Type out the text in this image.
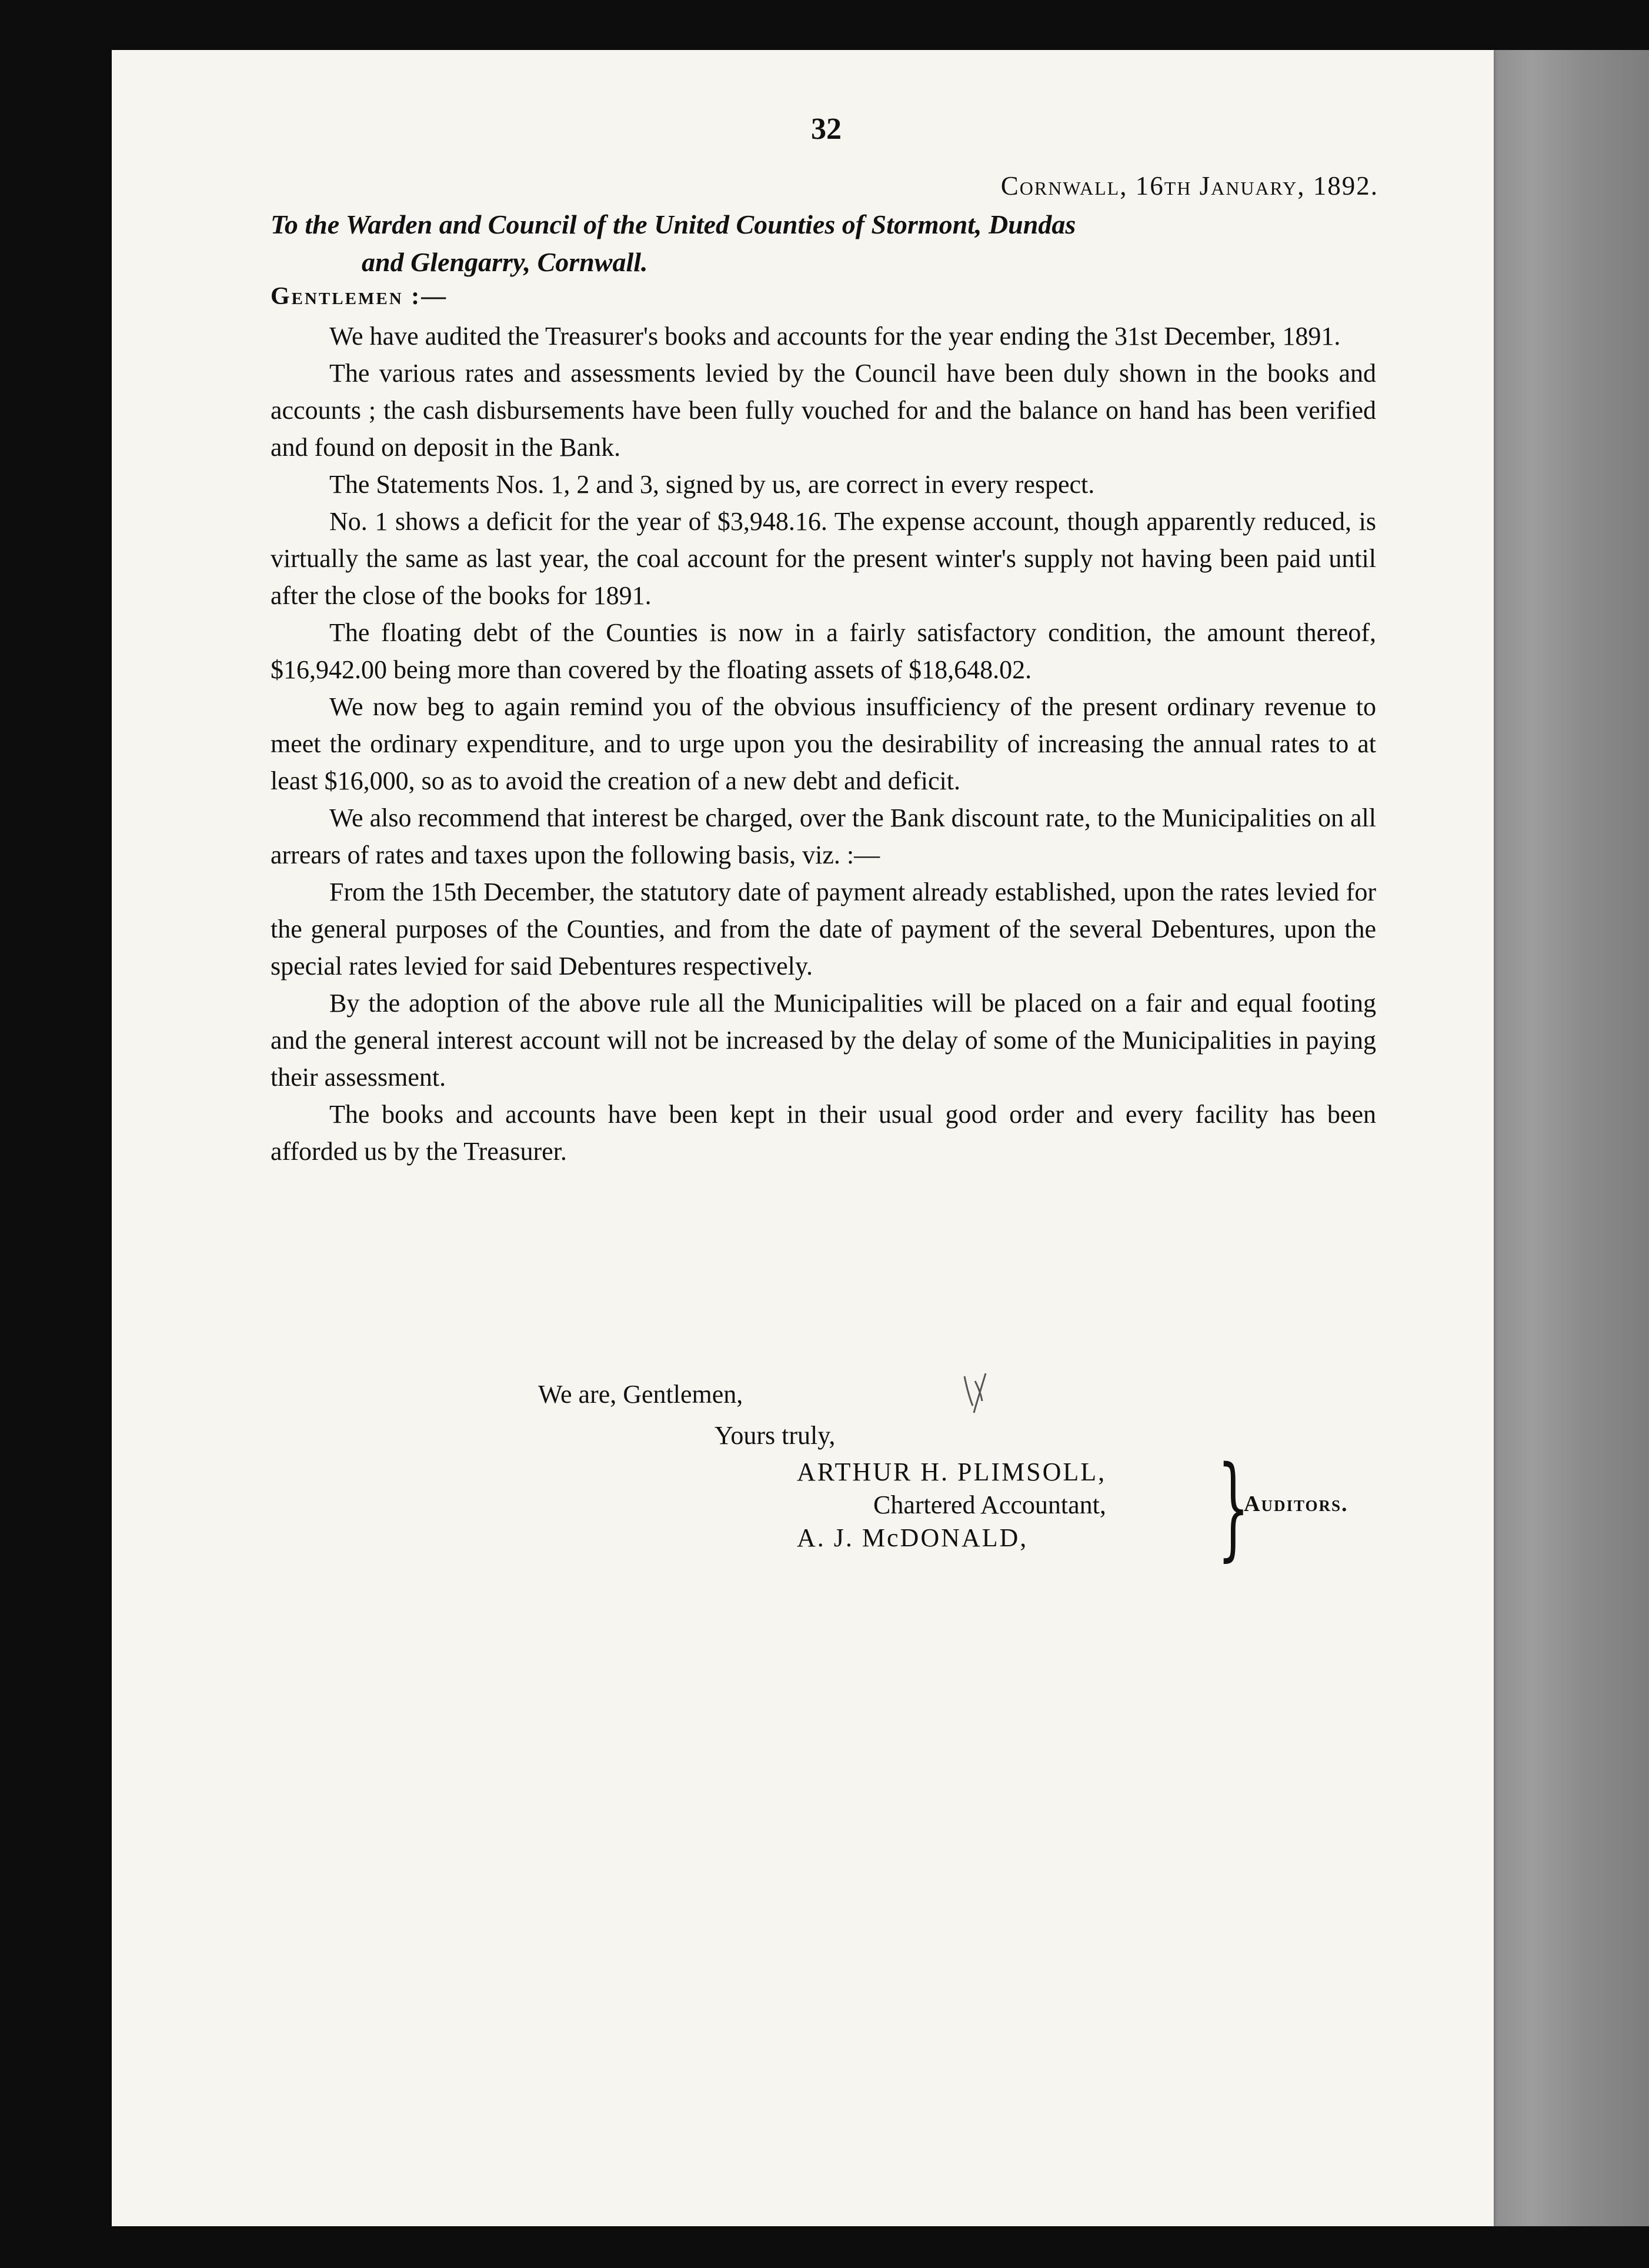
32
Cornwall, 16th January, 1892.
To the Warden and Council of the United Counties of Stormont, Dundas
and Glengarry, Cornwall.
Gentlemen :—

We have audited the Treasurer's books and accounts for the year ending the 31st December, 1891.

The various rates and assessments levied by the Council have been duly shown in the books and accounts ; the cash disbursements have been fully vouched for and the balance on hand has been verified and found on deposit in the Bank.

The Statements Nos. 1, 2 and 3, signed by us, are correct in every respect.

No. 1 shows a deficit for the year of $3,948.16. The expense account, though apparently reduced, is virtually the same as last year, the coal account for the present winter's supply not having been paid until after the close of the books for 1891.

The floating debt of the Counties is now in a fairly satisfactory condition, the amount thereof, $16,942.00 being more than covered by the floating assets of $18,648.02.

We now beg to again remind you of the obvious insufficiency of the present ordinary revenue to meet the ordinary expenditure, and to urge upon you the desirability of increasing the annual rates to at least $16,000, so as to avoid the creation of a new debt and deficit.

We also recommend that interest be charged, over the Bank discount rate, to the Municipalities on all arrears of rates and taxes upon the following basis, viz. :—

From the 15th December, the statutory date of payment already established, upon the rates levied for the general purposes of the Counties, and from the date of payment of the several Debentures, upon the special rates levied for said Debentures respectively.

By the adoption of the above rule all the Municipalities will be placed on a fair and equal footing and the general interest account will not be increased by the delay of some of the Municipalities in paying their assessment.

The books and accounts have been kept in their usual good order and every facility has been afforded us by the Treasurer.

We are, Gentlemen,
Yours truly,
ARTHUR H. PLIMSOLL,
Chartered Accountant,
A. J. McDONALD,	}
Auditors.
